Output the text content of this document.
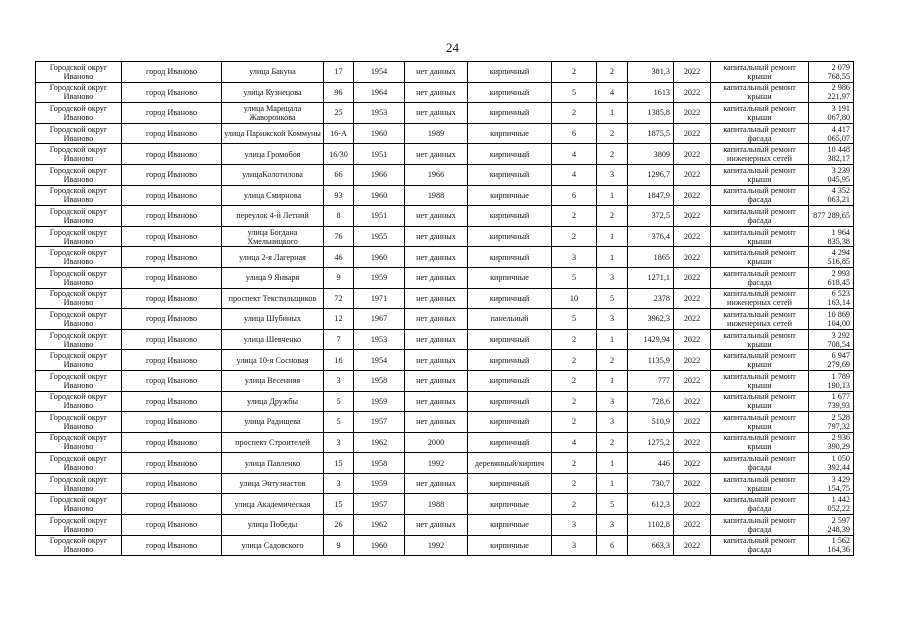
24
Городской округ Иваново	город Иваново	улица Бакуна	17	1954	нет данных	кирпичный	2	2	381,3	2022	капитальный ремонт крыши	2 079 768,55
Городской округ Иваново	город Иваново	улица Кузнецова	96	1964	нет данных	кирпичный	5	4	1613	2022	капитальный ремонт крыши	2 986 221,97
Городской округ Иваново	город Иваново	улица Марицала Жаворонкова	25	1953	нет данных	кирпичный	2	1	1385,8	2022	капитальный ремонт крыши	3 191 067,80
Городской округ Иваново	город Иваново	улица Парижской Коммуны	16-А	1960	1989	кирпичные	6	2	1875,5	2022	капитальный ремонт фасада	4 417 065,07
Городской округ Иваново	город Иваново	улица Громобоя	16/30	1951	нет данных	кирпичный	4	2	3809	2022	капитальный ремонт инженерных сетей	10 448 382,17
Городской округ Иваново	город Иваново	улицаКолотилова	66	1966	1966	кирпичный	4	3	1296,7	2022	капитальный ремонт крыши	3 239 045,95
Городской округ Иваново	город Иваново	улица Смирнова	93	1960	1988	кирпичные	6	1	1847,9	2022	капитальный ремонт фасада	4 352 063,21
Городской округ Иваново	город Иваново	переулок 4-й Летний	8	1951	нет данных	кирпичный	2	2	372,5	2022	капитальный ремонт фасада	877 289,65
Городской округ Иваново	город Иваново	улица Богдана Хмельницкого	76	1955	нет данных	кирпичный	2	1	376,4	2022	капитальный ремонт крыши	1 964 835,38
Городской округ Иваново	город Иваново	улица 2-я Лагерная	46	1960	нет данных	кирпичный	3	1	1865	2022	капитальный ремонт крыши	4 294 516,85
Городской округ Иваново	город Иваново	улица 9 Января	9	1959	нет данных	кирпичные	5	3	1271,1	2022	капитальный ремонт фасада	2 993 618,45
Городской округ Иваново	город Иваново	проспект Текстильщиков	72	1971	нет данных	кирпичный	10	5	2378	2022	капитальный ремонт инженерных сетей	6 523 163,14
Городской округ Иваново	город Иваново	улица Шубиных	12	1967	нет данных	панельный	5	3	3962,3	2022	капитальный ремонт инженерных сетей	10 869 104,00
Городской округ Иваново	город Иваново	улица Шевченко	7	1953	нет данных	кирпичный	2	1	1429,94	2022	капитальный ремонт крыши	3 292 708,54
Городской округ Иваново	город Иваново	улица 10-я Сосновая	16	1954	нет данных	кирпичный	2	2	1135,9	2022	капитальный ремонт крыши	6 947 279,69
Городской округ Иваново	город Иваново	улица Весенняя	3	1958	нет данных	кирпичный	2	1	777	2022	капитальный ремонт крыши	1 789 190,13
Городской округ Иваново	город Иваново	улица Дружбы	5	1959	нет данных	кирпичный	2	3	728,6	2022	капитальный ремонт крыши	1 677 739,93
Городской округ Иваново	город Иваново	улица Радищева	5	1957	нет данных	кирпичный	2	3	510,9	2022	капитальный ремонт крыши	2 528 797,32
Городской округ Иваново	город Иваново	проспект Строителей	3	1962	2000	кирпичный	4	2	1275,2	2022	капитальный ремонт крыши	2 936 390,29
Городской округ Иваново	город Иваново	улица Павленко	15	1958	1992	деревянный/кирпич	2	1	446	2022	капитальный ремонт фасада	1 050 392,44
Городской округ Иваново	город Иваново	улица Энтузиастов	3	1959	нет данных	кирпичный	2	1	730,7	2022	капитальный ремонт крыши	3 429 154,75
Городской округ Иваново	город Иваново	улица Академическая	15	1957	1988	кирпичные	2	5	612,3	2022	капитальный ремонт фасада	1 442 052,22
Городской округ Иваново	город Иваново	улица Победы	26	1962	нет данных	кирпичные	3	3	1102,8	2022	капитальный ремонт фасада	2 597 248,39
Городской округ Иваново	город Иваново	улица Садовского	9	1960	1992	кирпичные	3	6	663,3	2022	капитальный ремонт фасада	1 562 164,36
